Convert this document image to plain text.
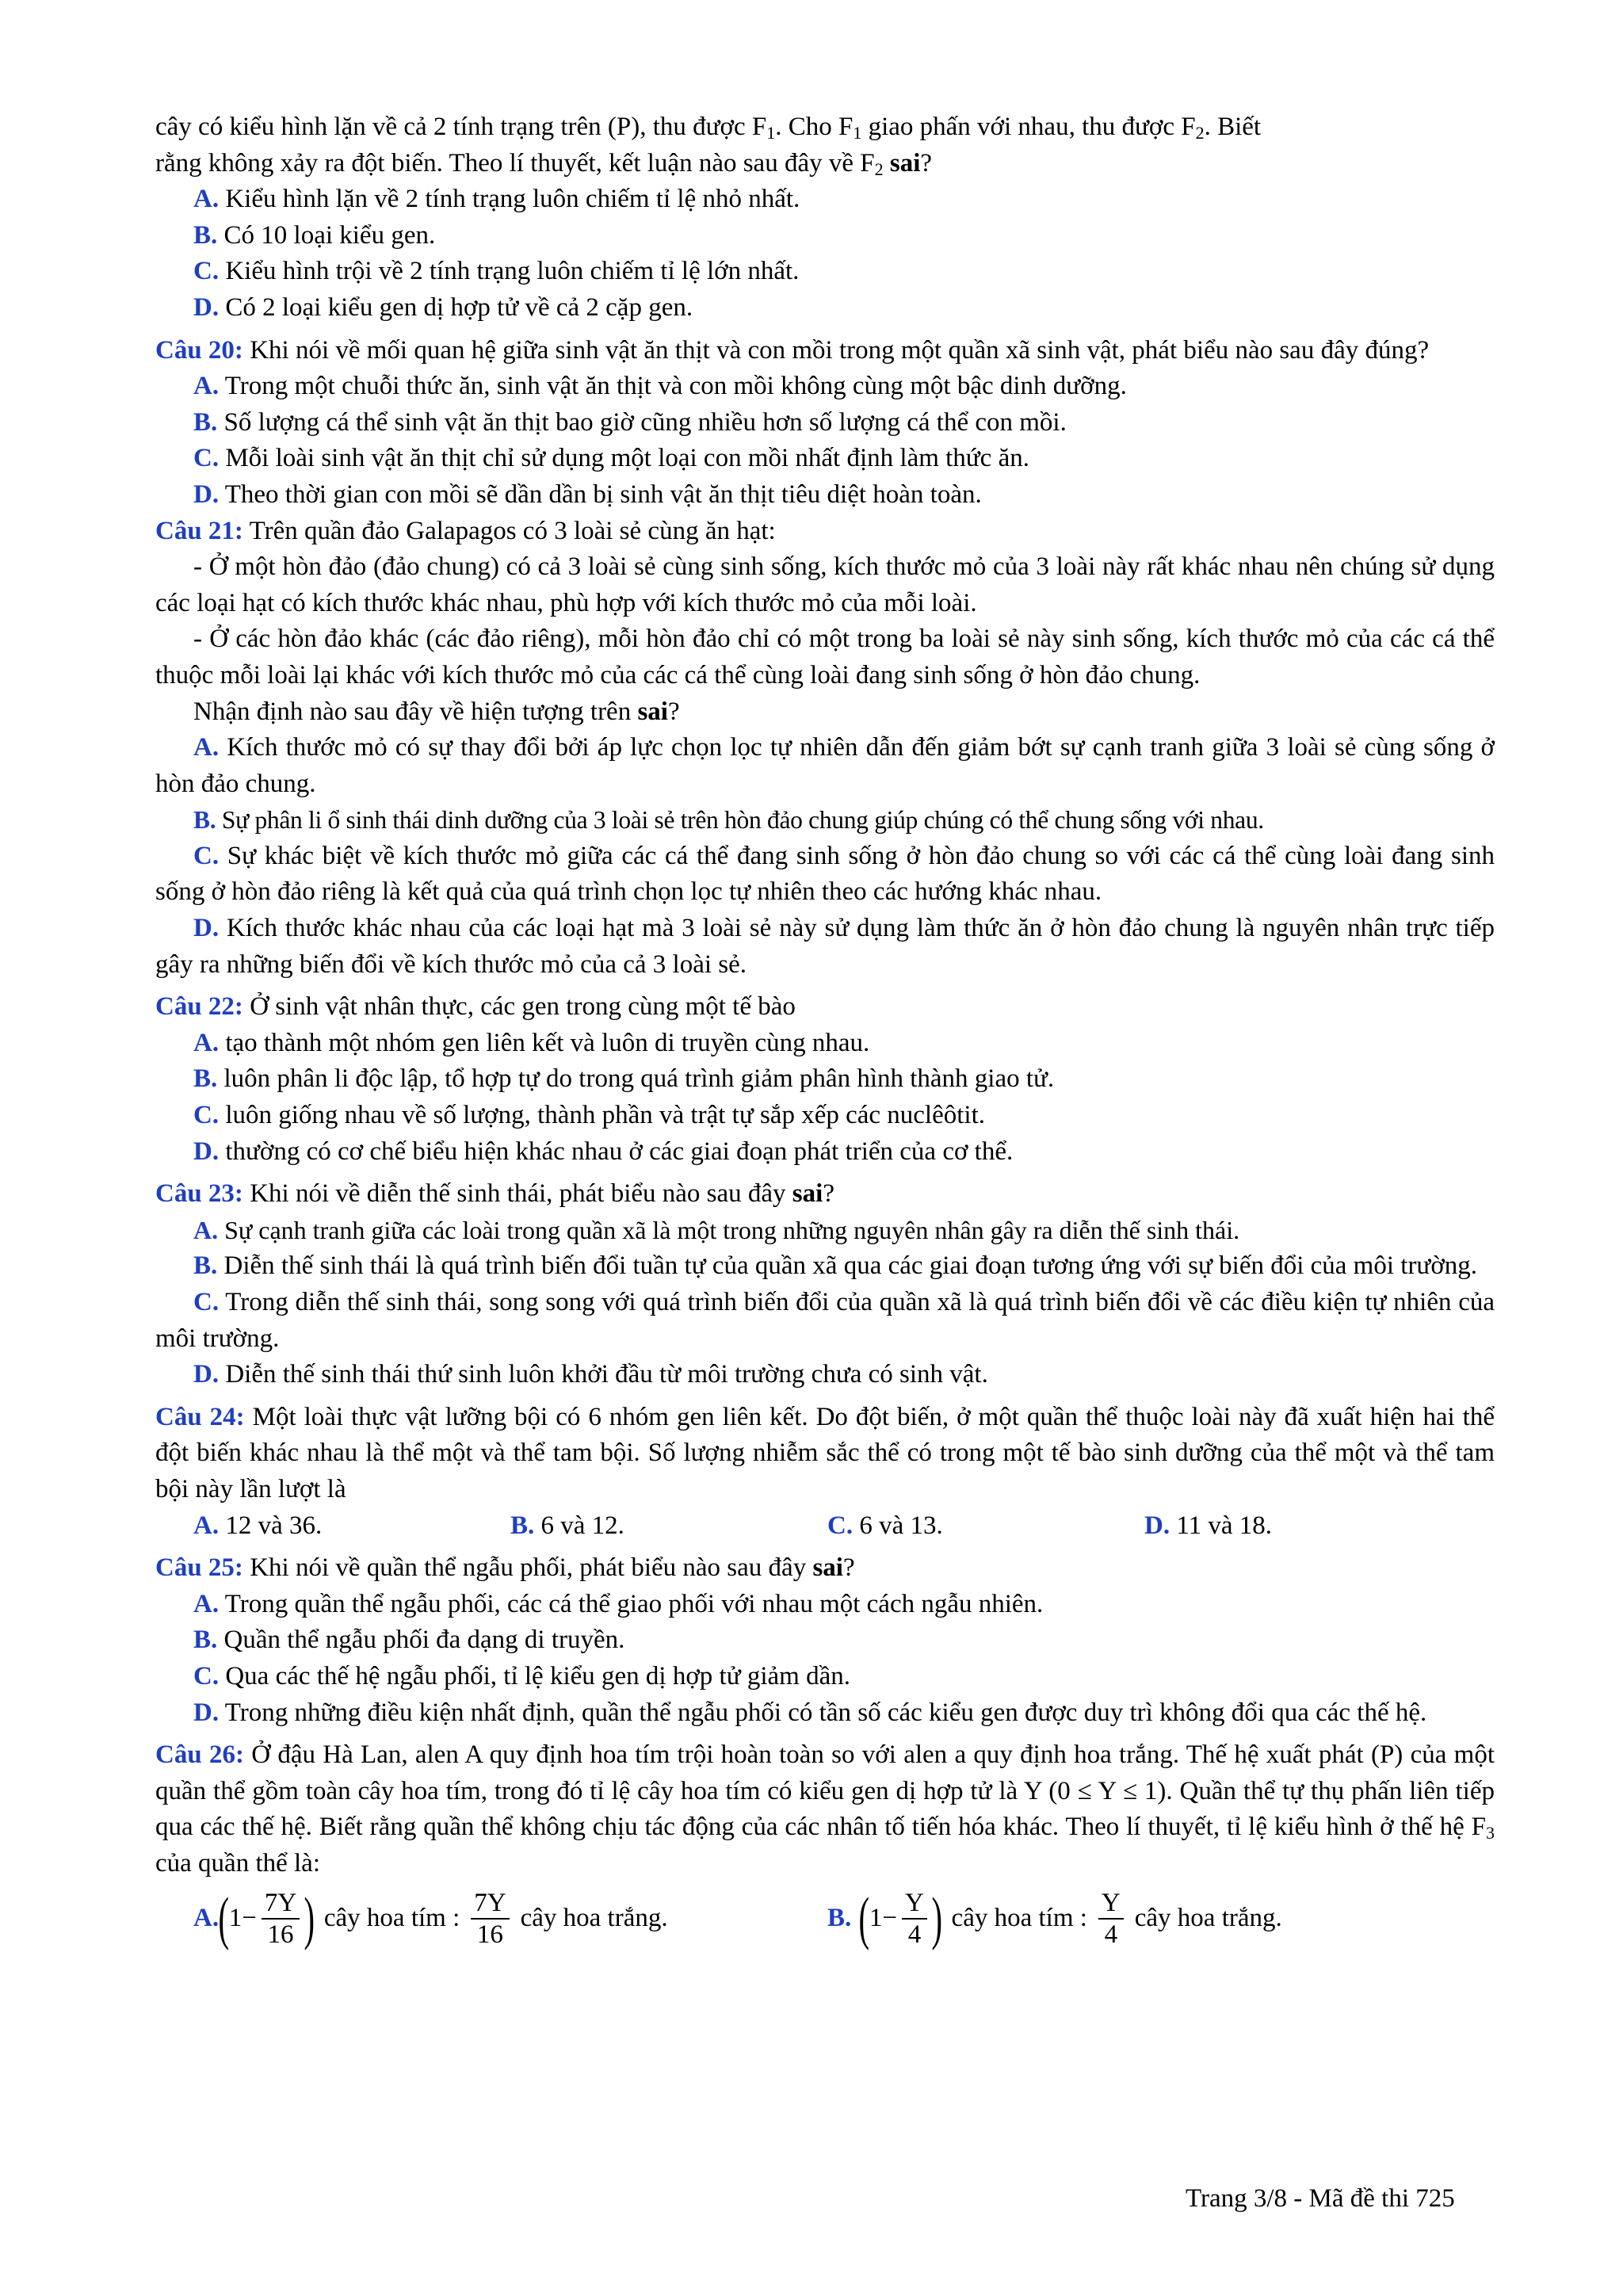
cây có kiểu hình lặn về cả 2 tính trạng trên (P), thu được $F_1$. Cho $F_1$ giao phấn với nhau, thu được $F_2$. Biết

rằng không xảy ra đột biến. Theo lí thuyết, kết luận nào sau đây về $F_2$ sai?

A. Kiểu hình lặn về 2 tính trạng luôn chiếm tỉ lệ nhỏ nhất.

B. Có 10 loại kiểu gen.

C. Kiểu hình trội về 2 tính trạng luôn chiếm tỉ lệ lớn nhất.

D. Có 2 loại kiểu gen dị hợp tử về cả 2 cặp gen.

Câu 20: Khi nói về mối quan hệ giữa sinh vật ăn thịt và con mồi trong một quần xã sinh vật, phát biểu nào sau đây đúng?

A. Trong một chuỗi thức ăn, sinh vật ăn thịt và con mồi không cùng một bậc dinh dưỡng.

B. Số lượng cá thể sinh vật ăn thịt bao giờ cũng nhiều hơn số lượng cá thể con mồi.

C. Mỗi loài sinh vật ăn thịt chỉ sử dụng một loại con mồi nhất định làm thức ăn.

D. Theo thời gian con mồi sẽ dần dần bị sinh vật ăn thịt tiêu diệt hoàn toàn.

Câu 21: Trên quần đảo Galapagos có 3 loài sẻ cùng ăn hạt:

- Ở một hòn đảo (đảo chung) có cả 3 loài sẻ cùng sinh sống, kích thước mỏ của 3 loài này rất khác nhau nên chúng sử dụng các loại hạt có kích thước khác nhau, phù hợp với kích thước mỏ của mỗi loài.

- Ở các hòn đảo khác (các đảo riêng), mỗi hòn đảo chỉ có một trong ba loài sẻ này sinh sống, kích thước mỏ của các cá thể thuộc mỗi loài lại khác với kích thước mỏ của các cá thể cùng loài đang sinh sống ở hòn đảo chung.

Nhận định nào sau đây về hiện tượng trên sai?

A. Kích thước mỏ có sự thay đổi bởi áp lực chọn lọc tự nhiên dẫn đến giảm bớt sự cạnh tranh giữa 3 loài sẻ cùng sống ở hòn đảo chung.

B. Sự phân li ổ sinh thái dinh dưỡng của 3 loài sẻ trên hòn đảo chung giúp chúng có thể chung sống với nhau.

C. Sự khác biệt về kích thước mỏ giữa các cá thể đang sinh sống ở hòn đảo chung so với các cá thể cùng loài đang sinh sống ở hòn đảo riêng là kết quả của quá trình chọn lọc tự nhiên theo các hướng khác nhau.

D. Kích thước khác nhau của các loại hạt mà 3 loài sẻ này sử dụng làm thức ăn ở hòn đảo chung là nguyên nhân trực tiếp gây ra những biến đổi về kích thước mỏ của cả 3 loài sẻ.

Câu 22: Ở sinh vật nhân thực, các gen trong cùng một tế bào

A. tạo thành một nhóm gen liên kết và luôn di truyền cùng nhau.

B. luôn phân li độc lập, tổ hợp tự do trong quá trình giảm phân hình thành giao tử.

C. luôn giống nhau về số lượng, thành phần và trật tự sắp xếp các nuclêôtit.

D. thường có cơ chế biểu hiện khác nhau ở các giai đoạn phát triển của cơ thể.

Câu 23: Khi nói về diễn thế sinh thái, phát biểu nào sau đây sai?

A. Sự cạnh tranh giữa các loài trong quần xã là một trong những nguyên nhân gây ra diễn thế sinh thái.

B. Diễn thế sinh thái là quá trình biến đổi tuần tự của quần xã qua các giai đoạn tương ứng với sự biến đổi của môi trường.

C. Trong diễn thế sinh thái, song song với quá trình biến đổi của quần xã là quá trình biến đổi về các điều kiện tự nhiên của môi trường.

D. Diễn thế sinh thái thứ sinh luôn khởi đầu từ môi trường chưa có sinh vật.

Câu 24: Một loài thực vật lưỡng bội có 6 nhóm gen liên kết. Do đột biến, ở một quần thể thuộc loài này đã xuất hiện hai thể đột biến khác nhau là thể một và thể tam bội. Số lượng nhiễm sắc thể có trong một tế bào sinh dưỡng của thể một và thể tam bội này lần lượt là

A. 12 và 36.	B. 6 và 12.	C. 6 và 13.	D. 11 và 18.

Câu 25: Khi nói về quần thể ngẫu phối, phát biểu nào sau đây sai?

A. Trong quần thể ngẫu phối, các cá thể giao phối với nhau một cách ngẫu nhiên.

B. Quần thể ngẫu phối đa dạng di truyền.

C. Qua các thế hệ ngẫu phối, tỉ lệ kiểu gen dị hợp tử giảm dần.

D. Trong những điều kiện nhất định, quần thể ngẫu phối có tần số các kiểu gen được duy trì không đổi qua các thế hệ.

Câu 26: Ở đậu Hà Lan, alen A quy định hoa tím trội hoàn toàn so với alen a quy định hoa trắng. Thế hệ xuất phát (P) của một quần thể gồm toàn cây hoa tím, trong đó tỉ lệ cây hoa tím có kiểu gen dị hợp tử là Y (0 ≤ Y ≤ 1). Quần thể tự thụ phấn liên tiếp qua các thế hệ. Biết rằng quần thể không chịu tác động của các nhân tố tiến hóa khác. Theo lí thuyết, tỉ lệ kiểu hình ở thế hệ $F_3$ của quần thể là:

A. ( $1- \frac{7Y}{16}$ ) cây hoa tím : $\frac{7Y}{16}$ cây hoa trắng.	B. ( $1- \frac{Y}{4}$ ) cây hoa tím : $\frac{Y}{4}$ cây hoa trắng.
Trang 3/8 - Mã đề thi 725
